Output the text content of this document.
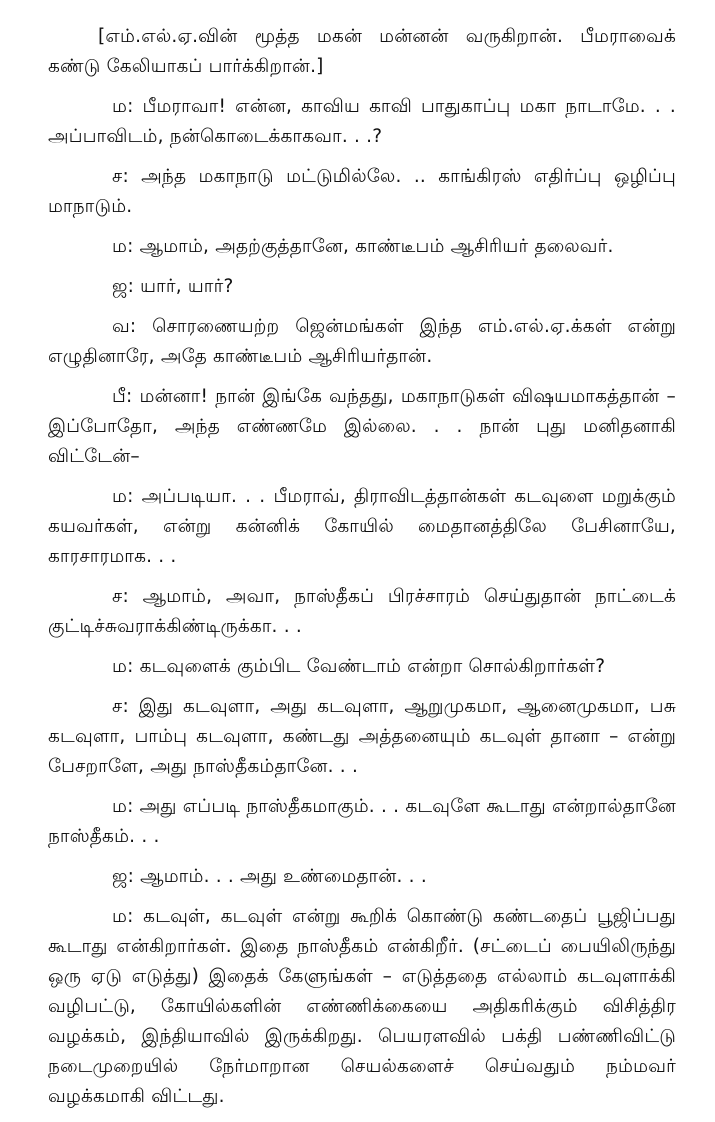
[எம்.எல்.ஏ.வின் மூத்த மகன் மன்னன் வருகிறான். பீமராவைக் கண்டு கேலியாகப் பார்க்கிறான்.]

ம: பீமராவா! என்ன, காவிய காவி பாதுகாப்பு மகா நாடாமே. . . அப்பாவிடம், நன்கொடைக்காகவா. . .?

ச: அந்த மகாநாடு மட்டுமில்லே. .. காங்கிரஸ் எதிர்ப்பு ஒழிப்பு மாநாடும்.

ம: ஆமாம், அதற்குத்தானே, காண்டீபம் ஆசிரியர் தலைவர்.

ஜ: யார், யார்?

வ: சொரணையற்ற ஜென்மங்கள் இந்த எம்.எல்.ஏ.க்கள் என்று எழுதினாரே, அதே காண்டீபம் ஆசிரியர்தான்.

பீ: மன்னா! நான் இங்கே வந்தது, மகாநாடுகள் விஷயமாகத்தான் – இப்போதோ, அந்த எண்ணமே இல்லை. . . நான் புது மனிதனாகி விட்டேன்–

ம: அப்படியா. . . பீமராவ், திராவிடத்தான்கள் கடவுளை மறுக்கும் கயவர்கள், என்று கன்னிக் கோயில் மைதானத்திலே பேசினாயே, காரசாரமாக. . .

ச: ஆமாம், அவா, நாஸ்தீகப் பிரச்சாரம் செய்துதான் நாட்டைக் குட்டிச்சுவராக்கிண்டிருக்கா. . .

ம: கடவுளைக் கும்பிட வேண்டாம் என்றா சொல்கிறார்கள்?

ச: இது கடவுளா, அது கடவுளா, ஆறுமுகமா, ஆனைமுகமா, பசு கடவுளா, பாம்பு கடவுளா, கண்டது அத்தனையும் கடவுள் தானா – என்று பேசறாளே, அது நாஸ்தீகம்தானே. . .

ம: அது எப்படி நாஸ்தீகமாகும். . . கடவுளே கூடாது என்றால்தானே நாஸ்தீகம். . .

ஜ: ஆமாம். . . அது உண்மைதான். . .

ம: கடவுள், கடவுள் என்று கூறிக் கொண்டு கண்டதைப் பூஜிப்பது கூடாது என்கிறார்கள். இதை நாஸ்தீகம் என்கிறீர். (சட்டைப் பையிலிருந்து ஒரு ஏடு எடுத்து) இதைக் கேளுங்கள் – எடுத்ததை எல்லாம் கடவுளாக்கி வழிபட்டு, கோயில்களின் எண்ணிக்கையை அதிகரிக்கும் விசித்திர வழக்கம், இந்தியாவில் இருக்கிறது. பெயரளவில் பக்தி பண்ணிவிட்டு நடைமுறையில் நேர்மாறான செயல்களைச் செய்வதும் நம்மவர் வழக்கமாகி விட்டது.
